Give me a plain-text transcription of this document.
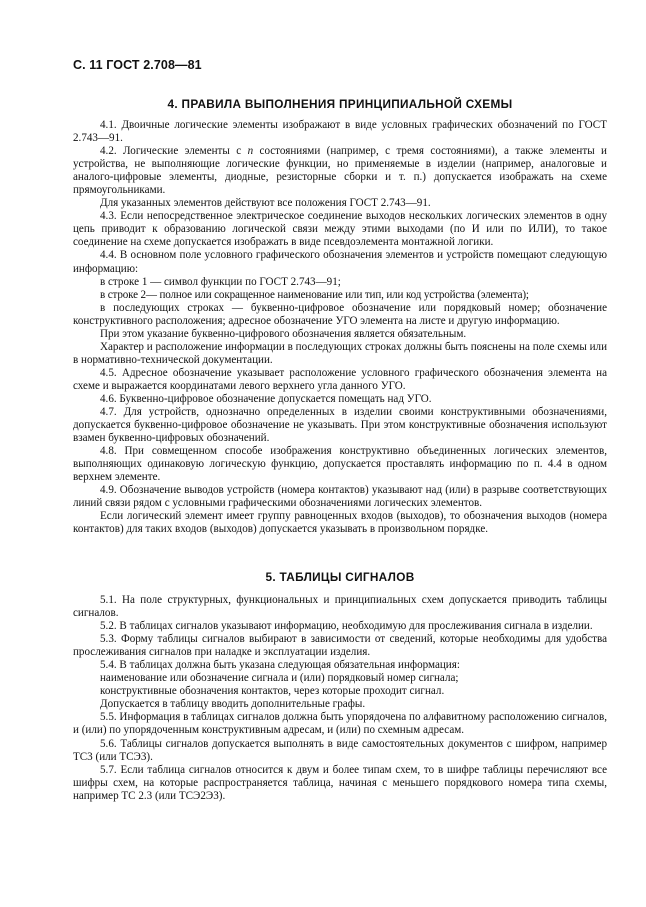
С. 11 ГОСТ 2.708—81
4. ПРАВИЛА ВЫПОЛНЕНИЯ ПРИНЦИПИАЛЬНОЙ СХЕМЫ

4.1. Двоичные логические элементы изображают в виде условных графических обозначений по ГОСТ 2.743—91.

4.2. Логические элементы с n состояниями (например, с тремя состояниями), а также элементы и устройства, не выполняющие логические функции, но применяемые в изделии (например, аналоговые и аналого-цифровые элементы, диодные, резисторные сборки и т. п.) допускается изображать на схеме прямоугольниками.

Для указанных элементов действуют все положения ГОСТ 2.743—91.

4.3. Если непосредственное электрическое соединение выходов нескольких логических элементов в одну цепь приводит к образованию логической связи между этими выходами (по И или по ИЛИ), то такое соединение на схеме допускается изображать в виде псевдоэлемента монтажной логики.

4.4. В основном поле условного графического обозначения элементов и устройств помещают следующую информацию:

в строке 1 — символ функции по ГОСТ 2.743—91;

в строке 2— полное или сокращенное наименование или тип, или код устройства (элемента);

в последующих строках — буквенно-цифровое обозначение или порядковый номер; обозначение конструктивного расположения; адресное обозначение УГО элемента на листе и другую информацию.

При этом указание буквенно-цифрового обозначения является обязательным.

Характер и расположение информации в последующих строках должны быть пояснены на поле схемы или в нормативно-технической документации.

4.5. Адресное обозначение указывает расположение условного графического обозначения элемента на схеме и выражается координатами левого верхнего угла данного УГО.

4.6. Буквенно-цифровое обозначение допускается помещать над УГО.

4.7. Для устройств, однозначно определенных в изделии своими конструктивными обозначениями, допускается буквенно-цифровое обозначение не указывать. При этом конструктивные обозначения используют взамен буквенно-цифровых обозначений.

4.8. При совмещенном способе изображения конструктивно объединенных логических элементов, выполняющих одинаковую логическую функцию, допускается проставлять информацию по п. 4.4 в одном верхнем элементе.

4.9. Обозначение выводов устройств (номера контактов) указывают над (или) в разрыве соответствующих линий связи рядом с условными графическими обозначениями логических элементов.

Если логический элемент имеет группу равноценных входов (выходов), то обозначения выходов (номера контактов) для таких входов (выходов) допускается указывать в произвольном порядке.

5. ТАБЛИЦЫ СИГНАЛОВ

5.1. На поле структурных, функциональных и принципиальных схем допускается приводить таблицы сигналов.

5.2. В таблицах сигналов указывают информацию, необходимую для прослеживания сигнала в изделии.

5.3. Форму таблицы сигналов выбирают в зависимости от сведений, которые необходимы для удобства прослеживания сигналов при наладке и эксплуатации изделия.

5.4. В таблицах должна быть указана следующая обязательная информация:

наименование или обозначение сигнала и (или) порядковый номер сигнала;

конструктивные обозначения контактов, через которые проходит сигнал.

Допускается в таблицу вводить дополнительные графы.

5.5. Информация в таблицах сигналов должна быть упорядочена по алфавитному расположению сигналов, и (или) по упорядоченным конструктивным адресам, и (или) по схемным адресам.

5.6. Таблицы сигналов допускается выполнять в виде самостоятельных документов с шифром, например ТС3 (или ТСЭ3).

5.7. Если таблица сигналов относится к двум и более типам схем, то в шифре таблицы перечисляют все шифры схем, на которые распространяется таблица, начиная с меньшего порядкового номера типа схемы, например ТС 2.3 (или ТСЭ2Э3).
